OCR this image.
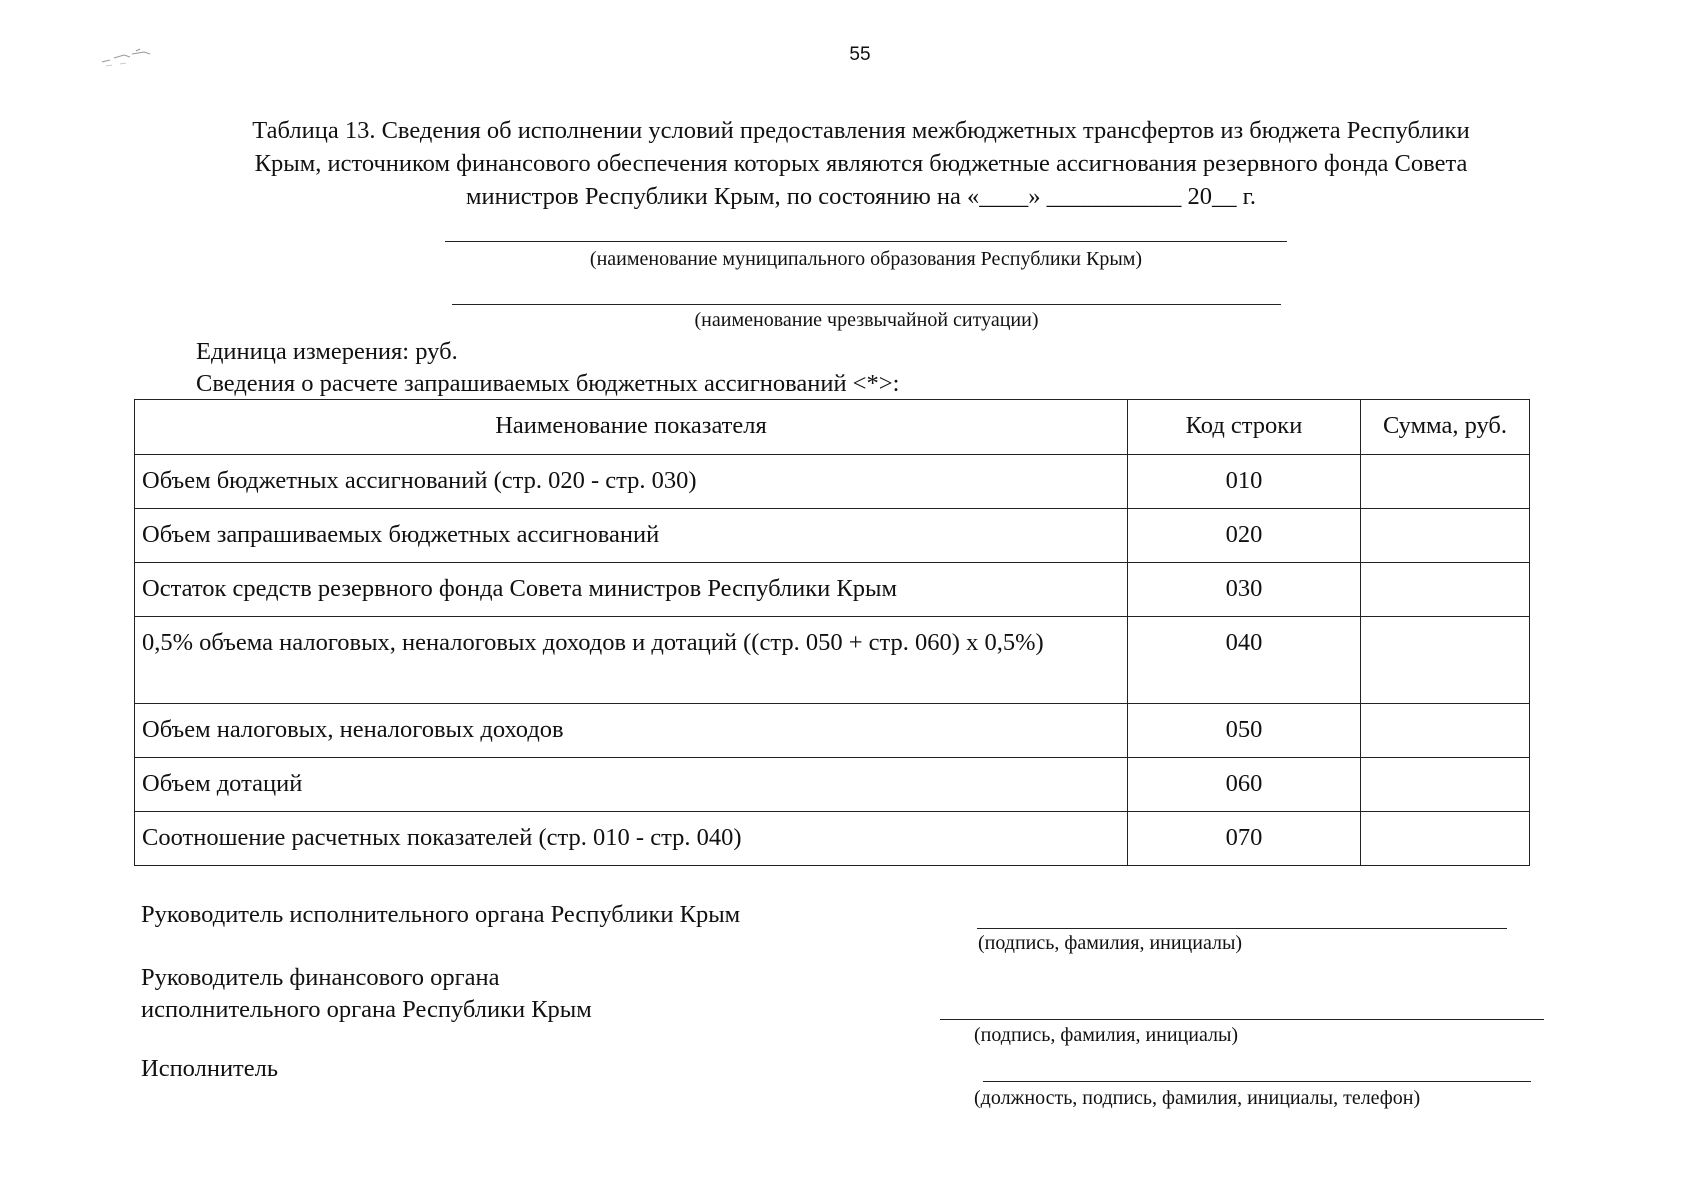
55
Таблица 13. Сведения об исполнении условий предоставления межбюджетных трансфертов из бюджета Республики
Крым, источником финансового обеспечения которых являются бюджетные ассигнования резервного фонда Совета
министров Республики Крым, по состоянию на «____» ___________ 20__ г.
(наименование муниципального образования Республики Крым)
(наименование чрезвычайной ситуации)
Единица измерения: руб.
Сведения о расчете запрашиваемых бюджетных ассигнований <*>:
Наименование показателя	Код строки	Сумма, руб.
Объем бюджетных ассигнований (стр. 020 - стр. 030)	010	
Объем запрашиваемых бюджетных ассигнований	020	
Остаток средств резервного фонда Совета министров Республики Крым	030	
0,5% объема налоговых, неналоговых доходов и дотаций ((стр. 050 + стр. 060) х 0,5%)	040	
Объем налоговых, неналоговых доходов	050	
Объем дотаций	060	
Соотношение расчетных показателей (стр. 010 - стр. 040)	070	
Руководитель исполнительного органа Республики Крым
(подпись, фамилия, инициалы)
Руководитель финансового органа
исполнительного органа Республики Крым
(подпись, фамилия, инициалы)
Исполнитель
(должность, подпись, фамилия, инициалы, телефон)
